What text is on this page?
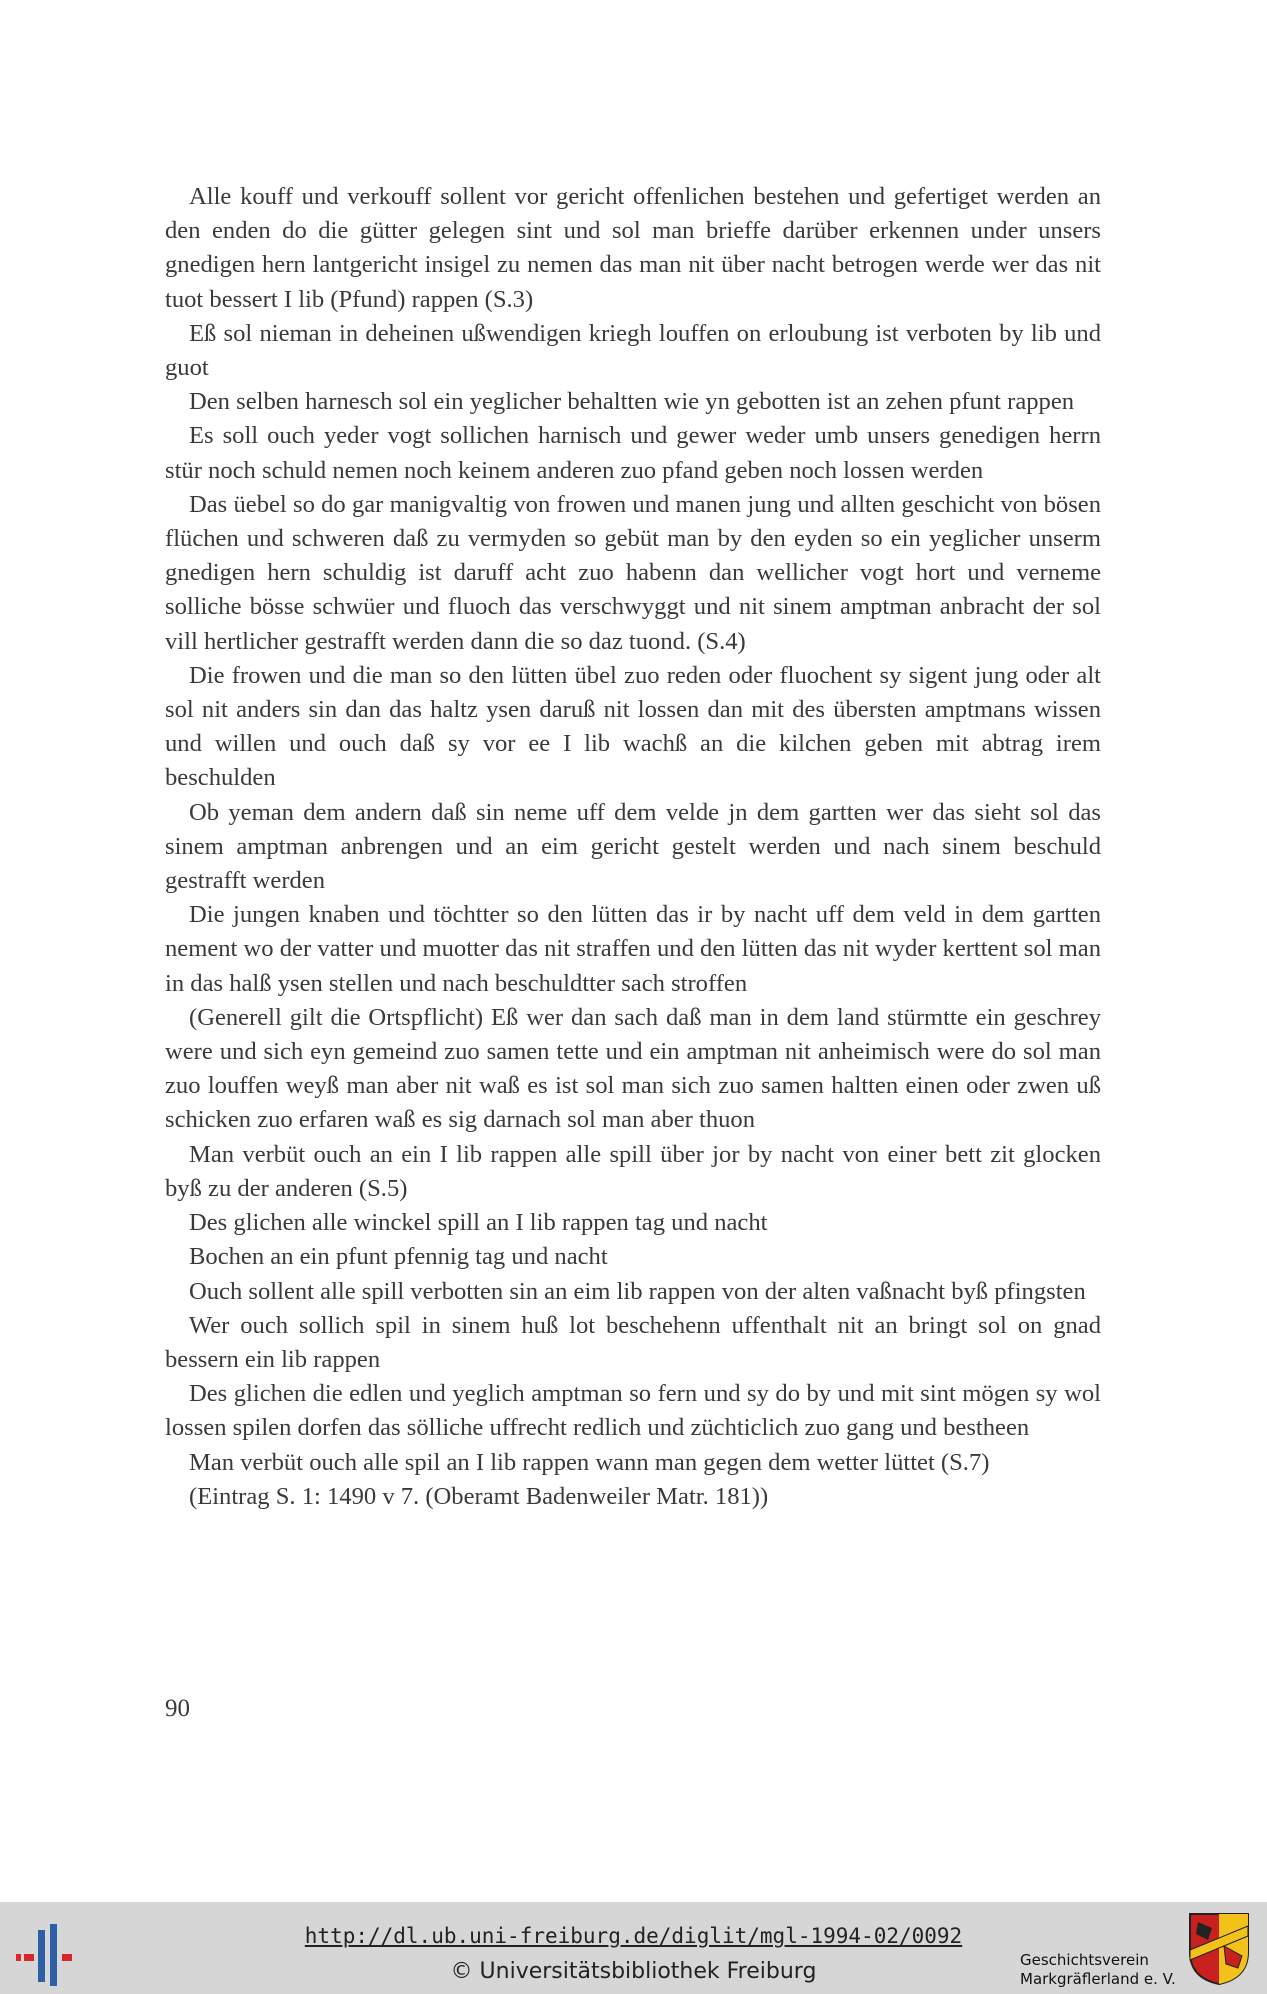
Alle kouff und verkouff sollent vor gericht offenlichen bestehen und gefertiget werden an den enden do die gütter gelegen sint und sol man brieffe darüber erkennen under unsers gnedigen hern lantgericht insigel zu nemen das man nit über nacht betrogen werde wer das nit tuot bessert I lib (Pfund) rappen (S.3)

Eß sol nieman in deheinen ußwendigen kriegh louffen on erloubung ist verboten by lib und guot

Den selben harnesch sol ein yeglicher behaltten wie yn gebotten ist an zehen pfunt rappen

Es soll ouch yeder vogt sollichen harnisch und gewer weder umb unsers genedigen herrn stür noch schuld nemen noch keinem anderen zuo pfand geben noch lossen werden

Das üebel so do gar manigvaltig von frowen und manen jung und allten geschicht von bösen flüchen und schweren daß zu vermyden so gebüt man by den eyden so ein yeglicher unserm gnedigen hern schuldig ist daruff acht zuo habenn dan wellicher vogt hort und verneme solliche bösse schwüer und fluoch das verschwyggt und nit sinem amptman anbracht der sol vill hertlicher gestrafft werden dann die so daz tuond. (S.4)

Die frowen und die man so den lütten übel zuo reden oder fluochent sy sigent jung oder alt sol nit anders sin dan das haltz ysen daruß nit lossen dan mit des übersten amptmans wissen und willen und ouch daß sy vor ee I lib wachß an die kilchen geben mit abtrag irem beschulden

Ob yeman dem andern daß sin neme uff dem velde jn dem gartten wer das sieht sol das sinem amptman anbrengen und an eim gericht gestelt werden und nach sinem beschuld gestrafft werden

Die jungen knaben und töchtter so den lütten das ir by nacht uff dem veld in dem gartten nement wo der vatter und muotter das nit straffen und den lütten das nit wyder kerttent sol man in das halß ysen stellen und nach beschuldtter sach stroffen

(Generell gilt die Ortspflicht) Eß wer dan sach daß man in dem land stürmtte ein geschrey were und sich eyn gemeind zuo samen tette und ein amptman nit anheimisch were do sol man zuo louffen weyß man aber nit waß es ist sol man sich zuo samen haltten einen oder zwen uß schicken zuo erfaren waß es sig darnach sol man aber thuon

Man verbüt ouch an ein I lib rappen alle spill über jor by nacht von einer bett zit glocken byß zu der anderen (S.5)

Des glichen alle winckel spill an I lib rappen tag und nacht

Bochen an ein pfunt pfennig tag und nacht

Ouch sollent alle spill verbotten sin an eim lib rappen von der alten vaßnacht byß pfingsten

Wer ouch sollich spil in sinem huß lot beschehenn uffenthalt nit an bringt sol on gnad bessern ein lib rappen

Des glichen die edlen und yeglich amptman so fern und sy do by und mit sint mögen sy wol lossen spilen dorfen das sölliche uffrecht redlich und züchticlich zuo gang und bestheen

Man verbüt ouch alle spil an I lib rappen wann man gegen dem wetter lüttet (S.7)

(Eintrag S. 1: 1490 v 7. (Oberamt Badenweiler Matr. 181))

90
http://dl.ub.uni-freiburg.de/diglit/mgl-1994-02/0092
© Universitätsbibliothek Freiburg	Geschichtsverein
Markgräflerland e. V.
